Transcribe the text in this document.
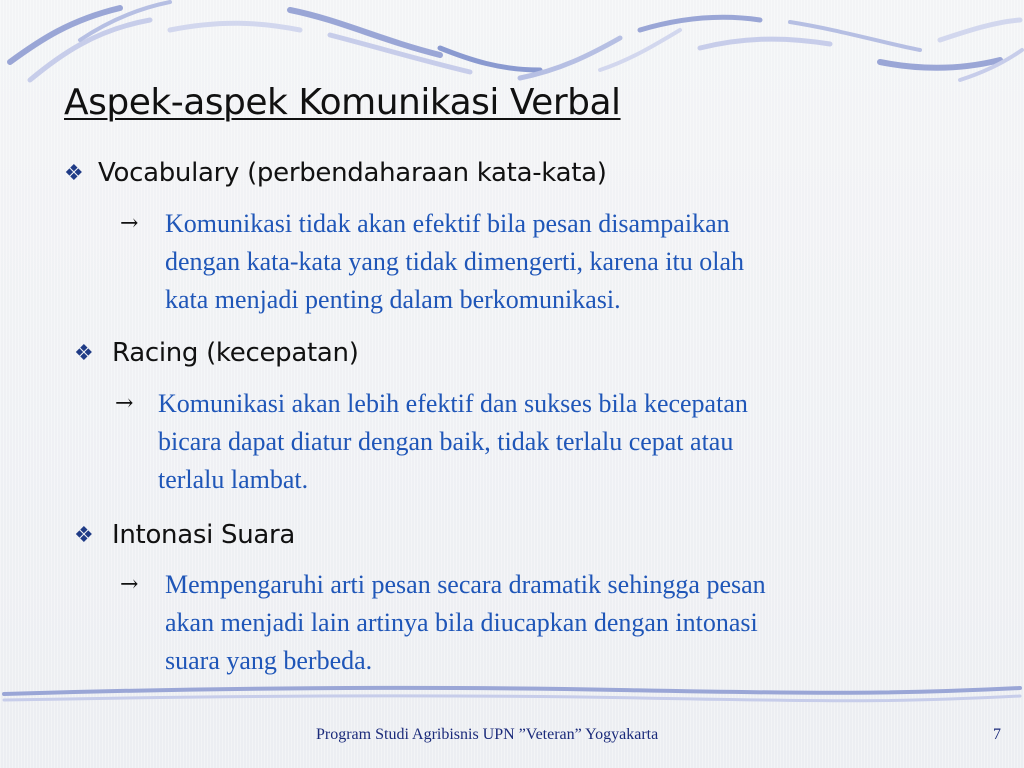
Aspek-aspek Komunikasi Verbal
❖ Vocabulary (perbendaharaan kata-kata)
→ Komunikasi tidak akan efektif bila pesan disampaikan
dengan kata-kata yang tidak dimengerti, karena itu olah
kata menjadi penting dalam berkomunikasi.
❖ Racing (kecepatan)
→ Komunikasi akan lebih efektif dan sukses bila kecepatan
bicara dapat diatur dengan baik, tidak terlalu cepat atau
terlalu lambat.
❖ Intonasi Suara
→ Mempengaruhi arti pesan secara dramatik sehingga pesan
akan menjadi lain artinya bila diucapkan dengan intonasi
suara yang berbeda.
Program Studi Agribisnis UPN ”Veteran” Yogyakarta	7
